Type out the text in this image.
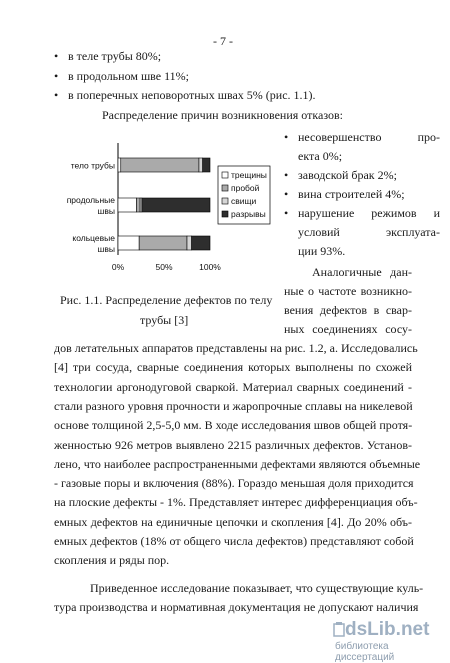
- 7 -
• в теле трубы 80%;
• в продольном шве 11%;
• в поперечных неповоротных швах 5% (рис. 1.1).
Распределение причин возникновения отказов:
тело трубы
продольные
швы
кольцевые
швы
0%	50%	100%
трещины
пробой
свищи
разрывы
• несовершенство про-
екта 0%;
• заводской брак 2%;
• вина строителей 4%;
• нарушение режимов и
условий эксплуата-
ции 93%.
Аналогичные дан-
ные о частоте возникно-
вения дефектов в свар-
ных соединениях сосу-
Рис. 1.1. Распределение дефектов по телу
трубы [3]
дов летательных аппаратов представлены на рис. 1.2, а. Исследовались
[4] три сосуда, сварные соединения которых выполнены по схожей
технологии аргонодуговой сваркой. Материал сварных соединений -
стали разного уровня прочности и жаропрочные сплавы на никелевой
основе толщиной 2,5-5,0 мм. В ходе исследования швов общей протя-
женностью 926 метров выявлено 2215 различных дефектов. Установ-
лено, что наиболее распространенными дефектами являются объемные
- газовые поры и включения (88%). Гораздо меньшая доля приходится
на плоские дефекты - 1%. Представляет интерес дифференциация объ-
емных дефектов на единичные цепочки и скопления [4]. До 20% объ-
емных дефектов (18% от общего числа дефектов) представляют собой
скопления и ряды пор.
Приведенное исследование показывает, что существующие куль-
тура производства и нормативная документация не допускают наличия
dsLib.net
библиотека диссертаций
